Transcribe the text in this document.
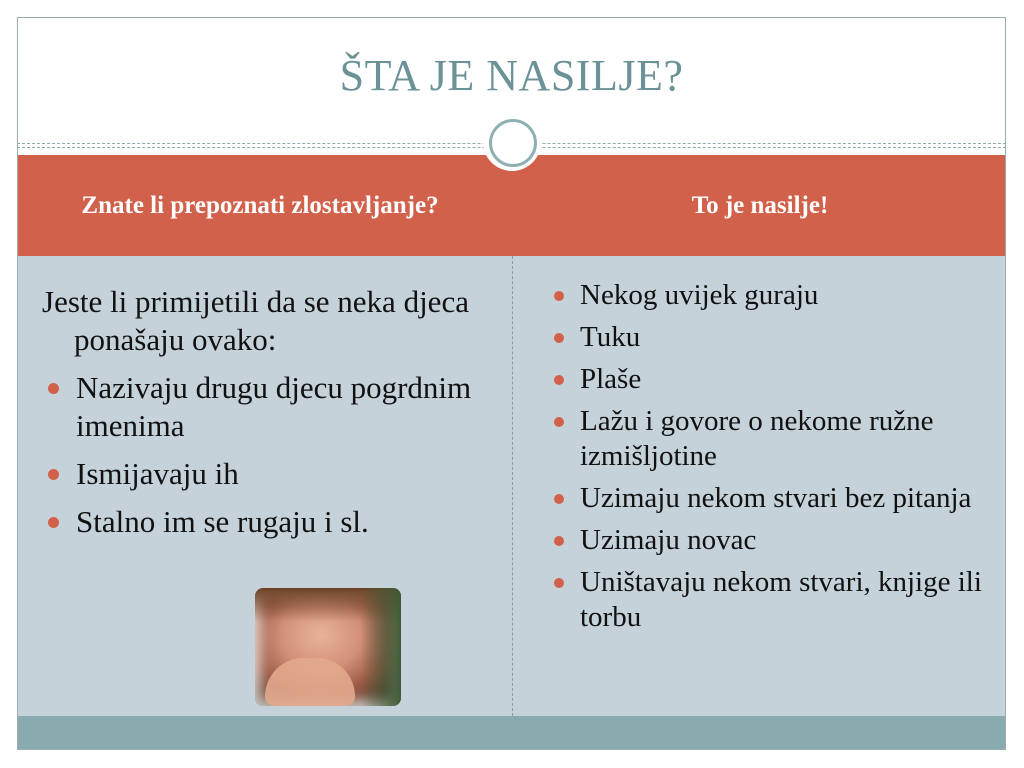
ŠTA JE NASILJE?
Znate li prepoznati zlostavljanje?	To je nasilje!

Jeste li primijetili da se neka djeca ponašaju ovako:

Nazivaju drugu djecu pogrdnim imenima
Ismijavaju ih
Stalno im se rugaju i sl.
Nekog uvijek guraju
Tuku
Plaše
Lažu i govore o nekome ružne izmišljotine
Uzimaju nekom stvari bez pitanja
Uzimaju novac
Uništavaju nekom stvari, knjige ili torbu
